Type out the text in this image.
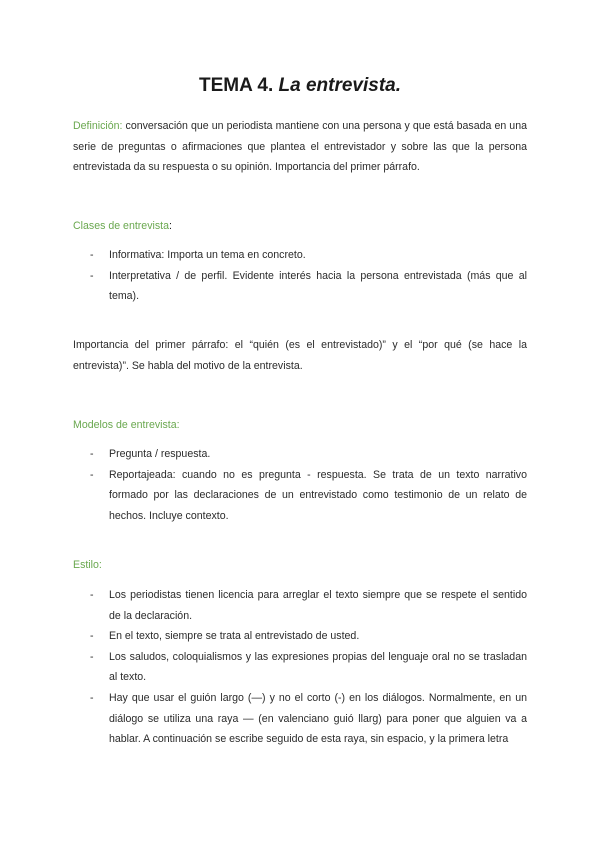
TEMA 4. La entrevista.

Definición: conversación que un periodista mantiene con una persona y que está basada en una serie de preguntas o afirmaciones que plantea el entrevistador y sobre las que la persona entrevistada da su respuesta o su opinión. Importancia del primer párrafo.

Clases de entrevista:

- Informativa: Importa un tema en concreto.
- Interpretativa / de perfil. Evidente interés hacia la persona entrevistada (más que al tema).

Importancia del primer párrafo: el “quién (es el entrevistado)” y el “por qué (se hace la entrevista)”. Se habla del motivo de la entrevista.

Modelos de entrevista:

- Pregunta / respuesta.
- Reportajeada: cuando no es pregunta - respuesta. Se trata de un texto narrativo formado por las declaraciones de un entrevistado como testimonio de un relato de hechos. Incluye contexto.

Estilo:

- Los periodistas tienen licencia para arreglar el texto siempre que se respete el sentido de la declaración.
- En el texto, siempre se trata al entrevistado de usted.
- Los saludos, coloquialismos y las expresiones propias del lenguaje oral no se trasladan al texto.
- Hay que usar el guión largo (—) y no el corto (-) en los diálogos. Normalmente, en un diálogo se utiliza una raya — (en valenciano guió llarg) para poner que alguien va a hablar. A continuación se escribe seguido de esta raya, sin espacio, y la primera letra
